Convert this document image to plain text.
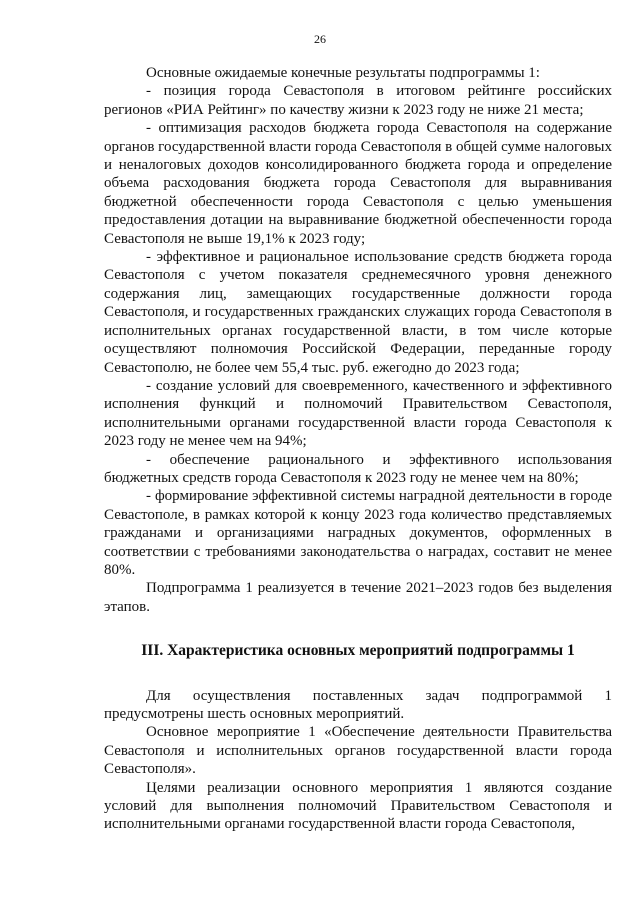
26

Основные ожидаемые конечные результаты подпрограммы 1:

- позиция города Севастополя в итоговом рейтинге российских регионов «РИА Рейтинг» по качеству жизни к 2023 году не ниже 21 места;

- оптимизация расходов бюджета города Севастополя на содержание органов государственной власти города Севастополя в общей сумме налоговых и неналоговых доходов консолидированного бюджета города и определение объема расходования бюджета города Севастополя для выравнивания бюджетной обеспеченности города Севастополя с целью уменьшения предоставления дотации на выравнивание бюджетной обеспеченности города Севастополя не выше 19,1% к 2023 году;

- эффективное и рациональное использование средств бюджета города Севастополя с учетом показателя среднемесячного уровня денежного содержания лиц, замещающих государственные должности города Севастополя, и государственных гражданских служащих города Севастополя в исполнительных органах государственной власти, в том числе которые осуществляют полномочия Российской Федерации, переданные городу Севастополю, не более чем 55,4 тыс. руб. ежегодно до 2023 года;

- создание условий для своевременного, качественного и эффективного исполнения функций и полномочий Правительством Севастополя, исполнительными органами государственной власти города Севастополя к 2023 году не менее чем на 94%;

- обеспечение рационального и эффективного использования бюджетных средств города Севастополя к 2023 году не менее чем на 80%;

- формирование эффективной системы наградной деятельности в городе Севастополе, в рамках которой к концу 2023 года количество представляемых гражданами и организациями наградных документов, оформленных в соответствии с требованиями законодательства о наградах, составит не менее 80%.

Подпрограмма 1 реализуется в течение 2021–2023 годов без выделения этапов.

III. Характеристика основных мероприятий подпрограммы 1

Для осуществления поставленных задач подпрограммой 1 предусмотрены шесть основных мероприятий.

Основное мероприятие 1 «Обеспечение деятельности Правительства Севастополя и исполнительных органов государственной власти города Севастополя».

Целями реализации основного мероприятия 1 являются создание условий для выполнения полномочий Правительством Севастополя и исполнительными органами государственной власти города Севастополя,
